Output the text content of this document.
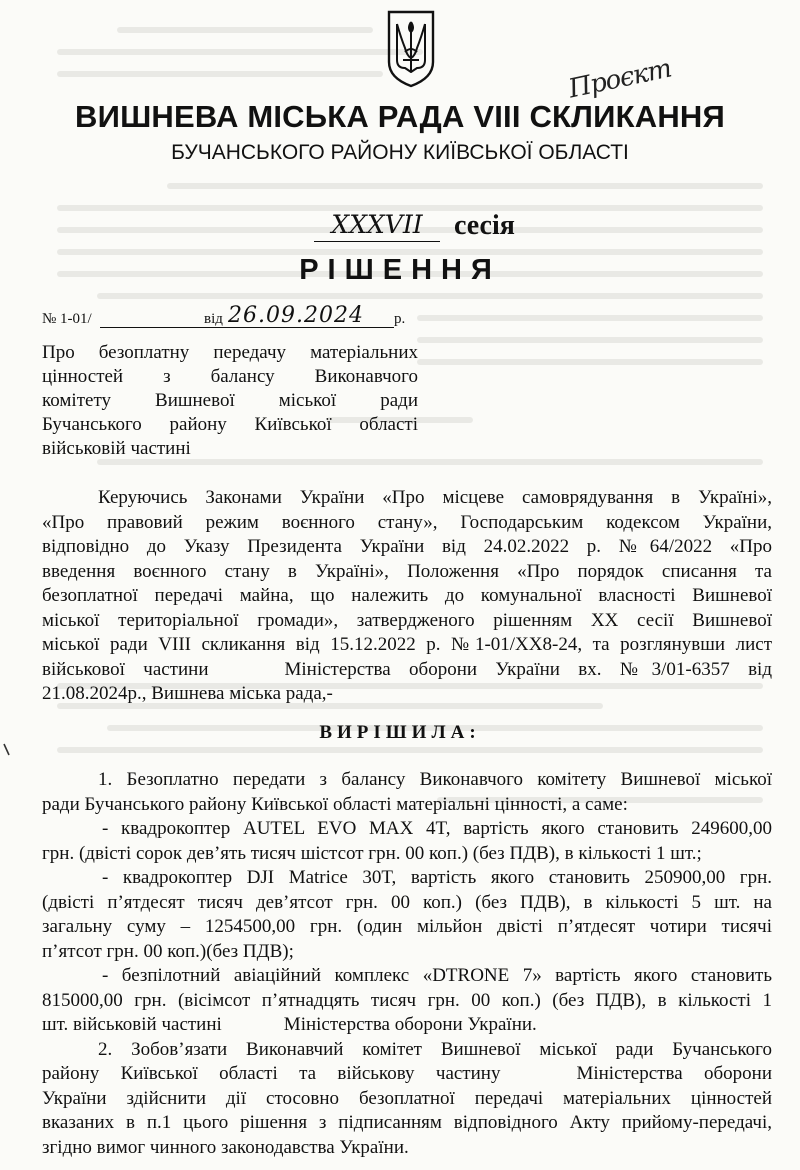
Проєкт
ВИШНЕВА МІСЬКА РАДА VIII СКЛИКАННЯ
БУЧАНСЬКОГО РАЙОНУ КИЇВСЬКОЇ ОБЛАСТІ
XXXVII	сесія
РІШЕННЯ
№ 1-01/	від 26.09.2024 р.
Про безоплатну передачу матеріальних
цінностей з балансу Виконавчого
комітету Вишневої міської ради
Бучанського району Київської області
військовій частині
Керуючись Законами України «Про місцеве самоврядування в Україні»,
«Про правовий режим воєнного стану», Господарським кодексом України,
відповідно до Указу Президента України від 24.02.2022 р. №64/2022 «Про
введення воєнного стану в Україні», Положення «Про порядок списання та
безоплатної передачі майна, що належить до комунальної власності Вишневої
міської територіальної громади», затвердженого рішенням XX сесії Вишневої
міської ради VIII скликання від 15.12.2022 р. №1-01/XX8-24, та розглянувши лист
військової частини	Міністерства оборони України вх. №3/01-6357 від
21.08.2024р., Вишнева міська рада,-
ВИРІШИЛА:
1. Безоплатно передати з балансу Виконавчого комітету Вишневої міської
ради Бучанського району Київської області матеріальні цінності, а саме:
- квадрокоптер AUTEL EVO MAX 4T, вартість якого становить 249600,00
грн. (двісті сорок дев’ять тисяч шістсот грн. 00 коп.) (без ПДВ), в кількості 1 шт.;
- квадрокоптер DJI Matrice 30T, вартість якого становить 250900,00 грн.
(двісті п’ятдесят тисяч дев’ятсот грн. 00 коп.) (без ПДВ), в кількості 5 шт. на
загальну суму – 1254500,00 грн. (один мільйон двісті п’ятдесят чотири тисячі
п’ятсот грн. 00 коп.)(без ПДВ);
- безпілотний авіаційний комплекс «DTRONE 7» вартість якого становить
815000,00 грн. (вісімсот п’ятнадцять тисяч грн. 00 коп.) (без ПДВ), в кількості 1
шт. військовій частині	Міністерства оборони України.
2. Зобов’язати Виконавчий комітет Вишневої міської ради Бучанського
району Київської області та військову частину	Міністерства оборони
України здійснити дії стосовно безоплатної передачі матеріальних цінностей
вказаних в п.1 цього рішення з підписанням відповідного Акту прийому-передачі,
згідно вимог чинного законодавства України.
